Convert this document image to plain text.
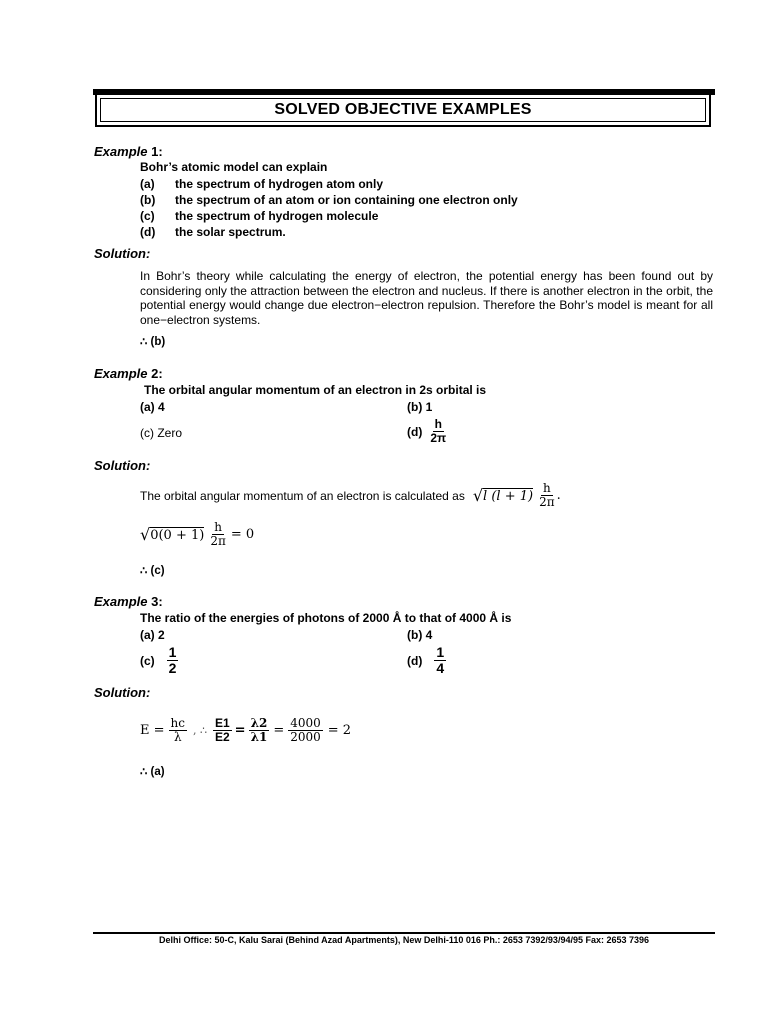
SOLVED OBJECTIVE EXAMPLES
Example 1:
Bohr’s atomic model can explain
(a) the spectrum of hydrogen atom only
(b) the spectrum of an atom or ion containing one electron only
(c) the spectrum of hydrogen molecule
(d) the solar spectrum.
Solution:
In Bohr’s theory while calculating the energy of electron, the potential energy has been found out by considering only the attraction between the electron and nucleus. If there is another electron in the orbit, the potential energy would change due electron−electron repulsion. Therefore the Bohr’s model is meant for all one−electron systems.
∴ (b)
Example 2:
The orbital angular momentum of an electron in 2s orbital is
(a) 4	(b) 1
(c) Zero	$(d) \frac{h}{2\pi}$
Solution:
The orbital angular momentum of an electron is calculated as √ l $(l + 1) \frac{h}{2\pi}$ .
√ $0(0 + 1) \frac{h}{2\pi} = 0$
∴ (c)
Example 3:
The ratio of the energies of photons of 2000 Å to that of 4000 Å is
(a) 2	(b) 4
$(c) \frac{1}{2}$	$(d) \frac{1}{4}$
Solution:
$E = \frac{hc}{\lambda}$ , ∴ $\frac{E1}{E2} = \frac{\lambda 2}{\lambda 1} = \frac{4000}{2000} = 2$
∴ (a)
Delhi Office: 50-C, Kalu Sarai (Behind Azad Apartments), New Delhi-110 016 Ph.: 2653 7392/93/94/95 Fax: 2653 7396
